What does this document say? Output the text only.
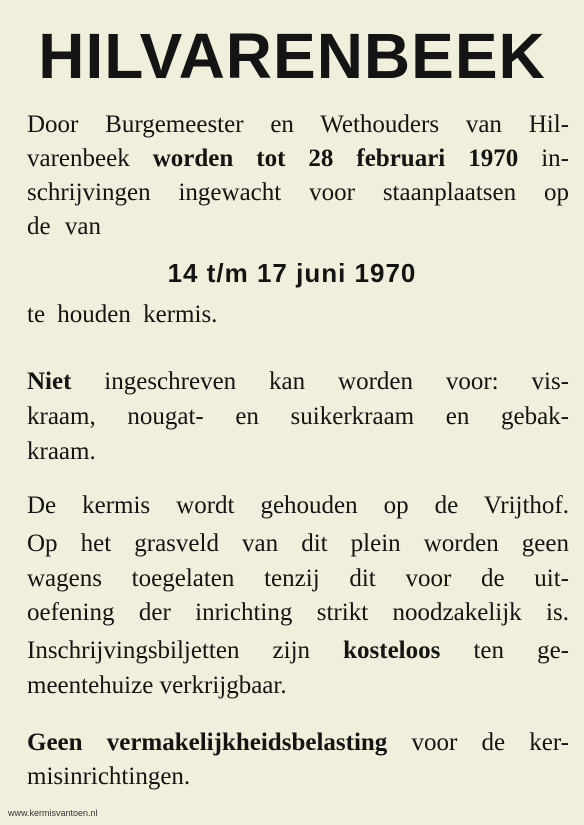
HILVARENBEEK
Door Burgemeester en Wethouders van Hil-
varenbeek worden tot 28 februari 1970 in-
schrijvingen ingewacht voor staanplaatsen op
de van
14 t/m 17 juni 1970
te houden kermis.
Niet ingeschreven kan worden voor: vis-
kraam, nougat- en suikerkraam en gebak-
kraam.
De kermis wordt gehouden op de Vrijthof.
Op het grasveld van dit plein worden geen
wagens toegelaten tenzij dit voor de uit-
oefening der inrichting strikt noodzakelijk is.
Inschrijvingsbiljetten zijn kosteloos ten ge-
meentehuize verkrijgbaar.
Geen vermakelijkheidsbelasting voor de ker-
misinrichtingen.
www.kermisvantoen.nl
